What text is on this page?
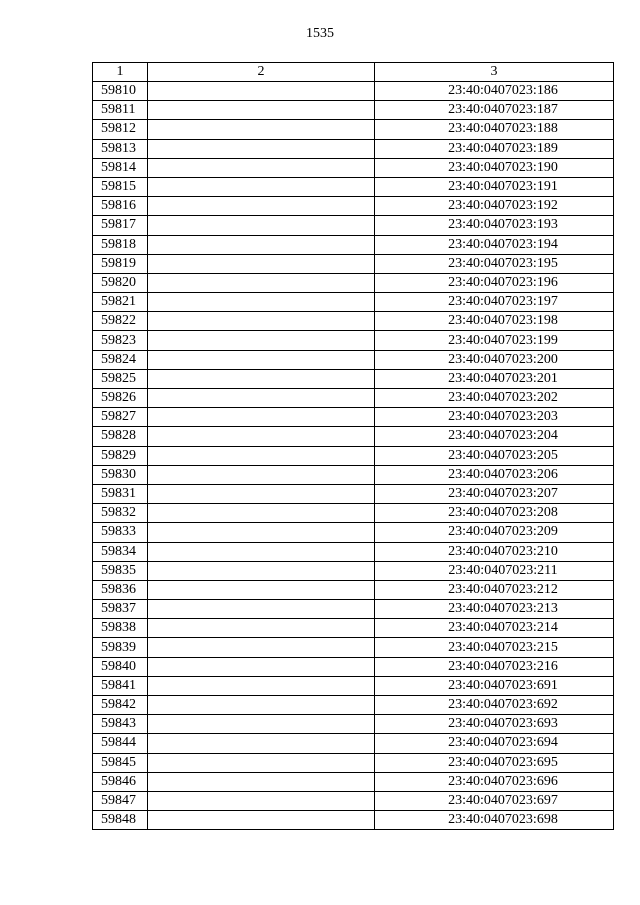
1535
1	2	3
59810		23:40:0407023:186
59811		23:40:0407023:187
59812		23:40:0407023:188
59813		23:40:0407023:189
59814		23:40:0407023:190
59815		23:40:0407023:191
59816		23:40:0407023:192
59817		23:40:0407023:193
59818		23:40:0407023:194
59819		23:40:0407023:195
59820		23:40:0407023:196
59821		23:40:0407023:197
59822		23:40:0407023:198
59823		23:40:0407023:199
59824		23:40:0407023:200
59825		23:40:0407023:201
59826		23:40:0407023:202
59827		23:40:0407023:203
59828		23:40:0407023:204
59829		23:40:0407023:205
59830		23:40:0407023:206
59831		23:40:0407023:207
59832		23:40:0407023:208
59833		23:40:0407023:209
59834		23:40:0407023:210
59835		23:40:0407023:211
59836		23:40:0407023:212
59837		23:40:0407023:213
59838		23:40:0407023:214
59839		23:40:0407023:215
59840		23:40:0407023:216
59841		23:40:0407023:691
59842		23:40:0407023:692
59843		23:40:0407023:693
59844		23:40:0407023:694
59845		23:40:0407023:695
59846		23:40:0407023:696
59847		23:40:0407023:697
59848		23:40:0407023:698
